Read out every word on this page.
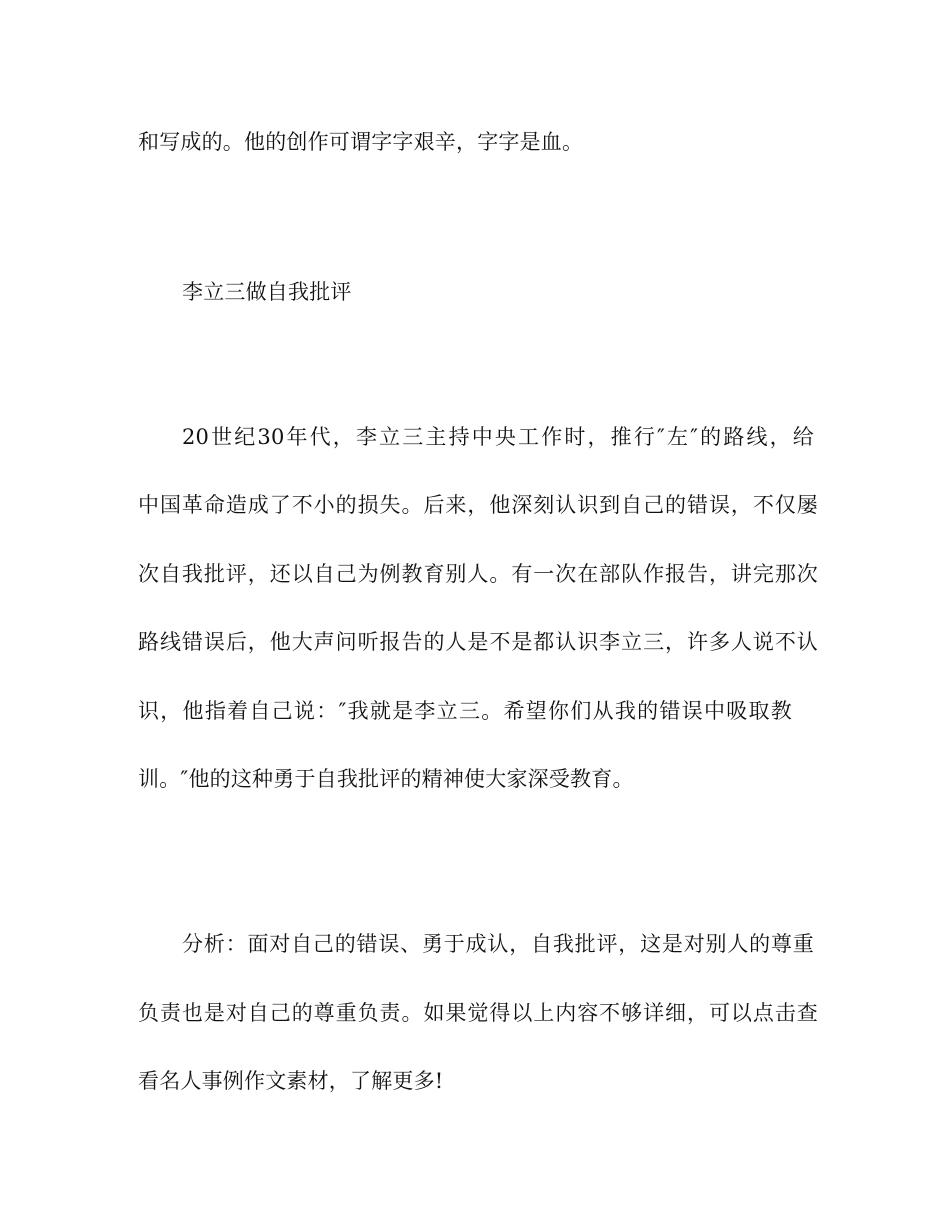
和写成的。他的创作可谓字字艰辛，字字是血。
李立三做自我批评
20世纪30年代，李立三主持中央工作时，推行″左″的路线，给
中国革命造成了不小的损失。后来，他深刻认识到自己的错误，不仅屡
次自我批评，还以自己为例教育别人。有一次在部队作报告，讲完那次
路线错误后，他大声问听报告的人是不是都认识李立三，许多人说不认
识，他指着自己说：″我就是李立三。希望你们从我的错误中吸取教
训。″他的这种勇于自我批评的精神使大家深受教育。
分析：面对自己的错误、勇于成认，自我批评，这是对别人的尊重
负责也是对自己的尊重负责。如果觉得以上内容不够详细，可以点击查
看名人事例作文素材，了解更多!
